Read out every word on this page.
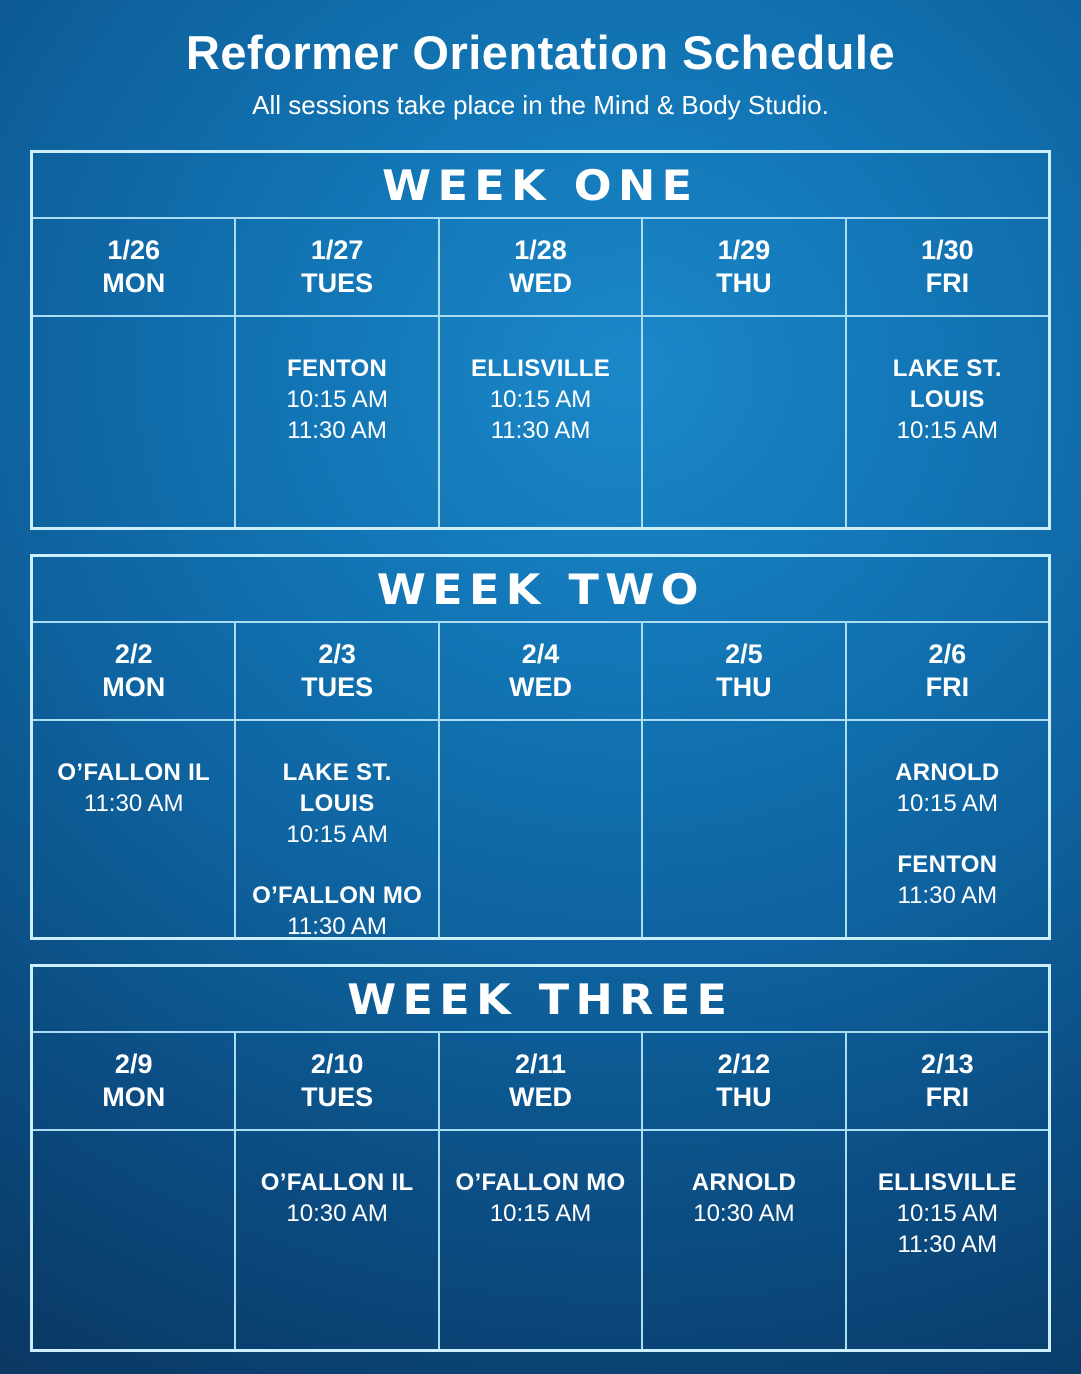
Reformer Orientation Schedule

All sessions take place in the Mind & Body Studio.

WEEK ONE
1/26
MON
1/27
TUES
1/28
WED
1/29
THU
1/30
FRI
FENTON
10:15 AM
11:30 AM
ELLISVILLE
10:15 AM
11:30 AM
LAKE ST. LOUIS
10:15 AM
WEEK TWO
2/2
MON
2/3
TUES
2/4
WED
2/5
THU
2/6
FRI
O’FALLON IL
11:30 AM
LAKE ST. LOUIS
10:15 AM
O’FALLON MO
11:30 AM
ARNOLD
10:15 AM
FENTON
11:30 AM
WEEK THREE
2/9
MON
2/10
TUES
2/11
WED
2/12
THU
2/13
FRI
O’FALLON IL
10:30 AM
O’FALLON MO
10:15 AM
ARNOLD
10:30 AM
ELLISVILLE
10:15 AM
11:30 AM
